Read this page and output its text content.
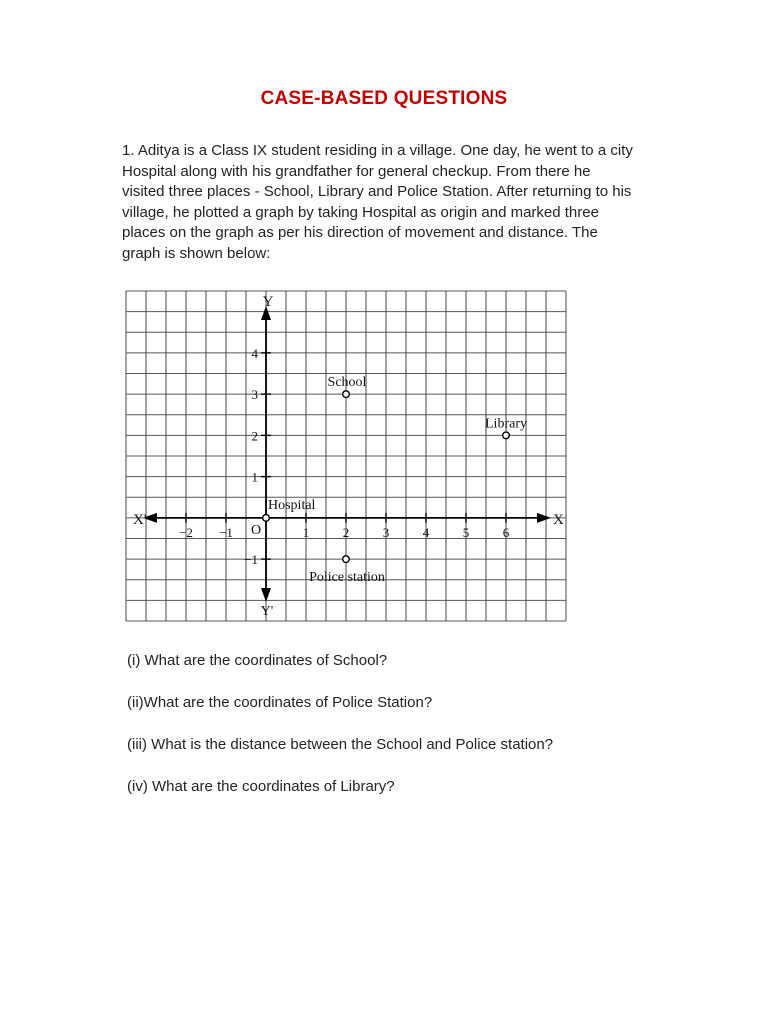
CASE-BASED QUESTIONS
1. Aditya is a Class IX student residing in a village. One day, he went to a city
Hospital along with his grandfather for general checkup. From there he
visited three places - School, Library and Police Station. After returning to his
village, he plotted a graph by taking Hospital as origin and marked three
places on the graph as per his direction of movement and distance. The
graph is shown below:
X
X'
Y
Y'
O
−2 −1	1	2	3	4	5	6
4
3
2
1
−1
Hospital
School
Library
Police station
(i) What are the coordinates of School?
(ii)What are the coordinates of Police Station?
(iii) What is the distance between the School and Police station?
(iv) What are the coordinates of Library?
